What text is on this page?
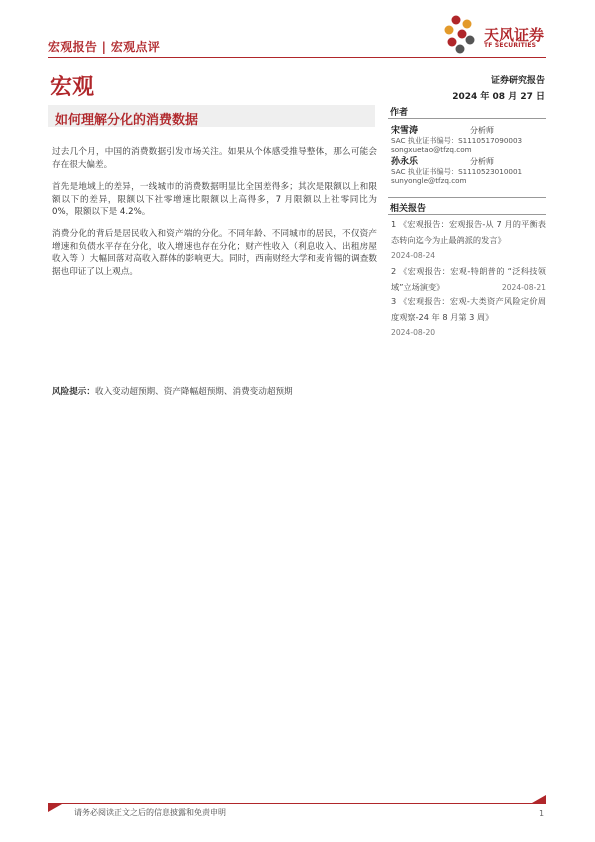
宏观报告 | 宏观点评
天风证券
TF SECURITIES
宏观	证券研究报告
2024 年 08 月 27 日
如何理解分化的消费数据

过去几个月，中国的消费数据引发市场关注。如果从个体感受推导整体，那么可能会存在很大偏差。

首先是地域上的差异，一线城市的消费数据明显比全国差得多；其次是限额以上和限额以下的差异，限额以下社零增速比限额以上高得多，7 月限额以上社零同比为 0%，限额以下是 4.2%。

消费分化的背后是居民收入和资产端的分化。不同年龄、不同城市的居民，不仅资产增速和负债水平存在分化，收入增速也存在分化；财产性收入（利息收入、出租房屋收入等 ）大幅回落对高收入群体的影响更大。同时，西南财经大学和麦肯锡的调查数据也印证了以上观点。

风险提示：收入变动超预期、资产降幅超预期、消费变动超预期
作者
宋雪涛	分析师
SAC 执业证书编号：S1110517090003
songxuetao@tfzq.com
孙永乐	分析师
SAC 执业证书编号：S1110523010001
sunyongle@tfzq.com
相关报告

1 《宏观报告：宏观报告-从 7 月的平衡表态转向迄今为止最鸽派的发言》

2024-08-24

2 《宏观报告：宏观-特朗普的 “泛科技领域”立场演变》	2024-08-21

3 《宏观报告：宏观-大类资产风险定价周度观察-24 年 8 月第 3 周》

2024-08-20

请务必阅读正文之后的信息披露和免责申明	1
